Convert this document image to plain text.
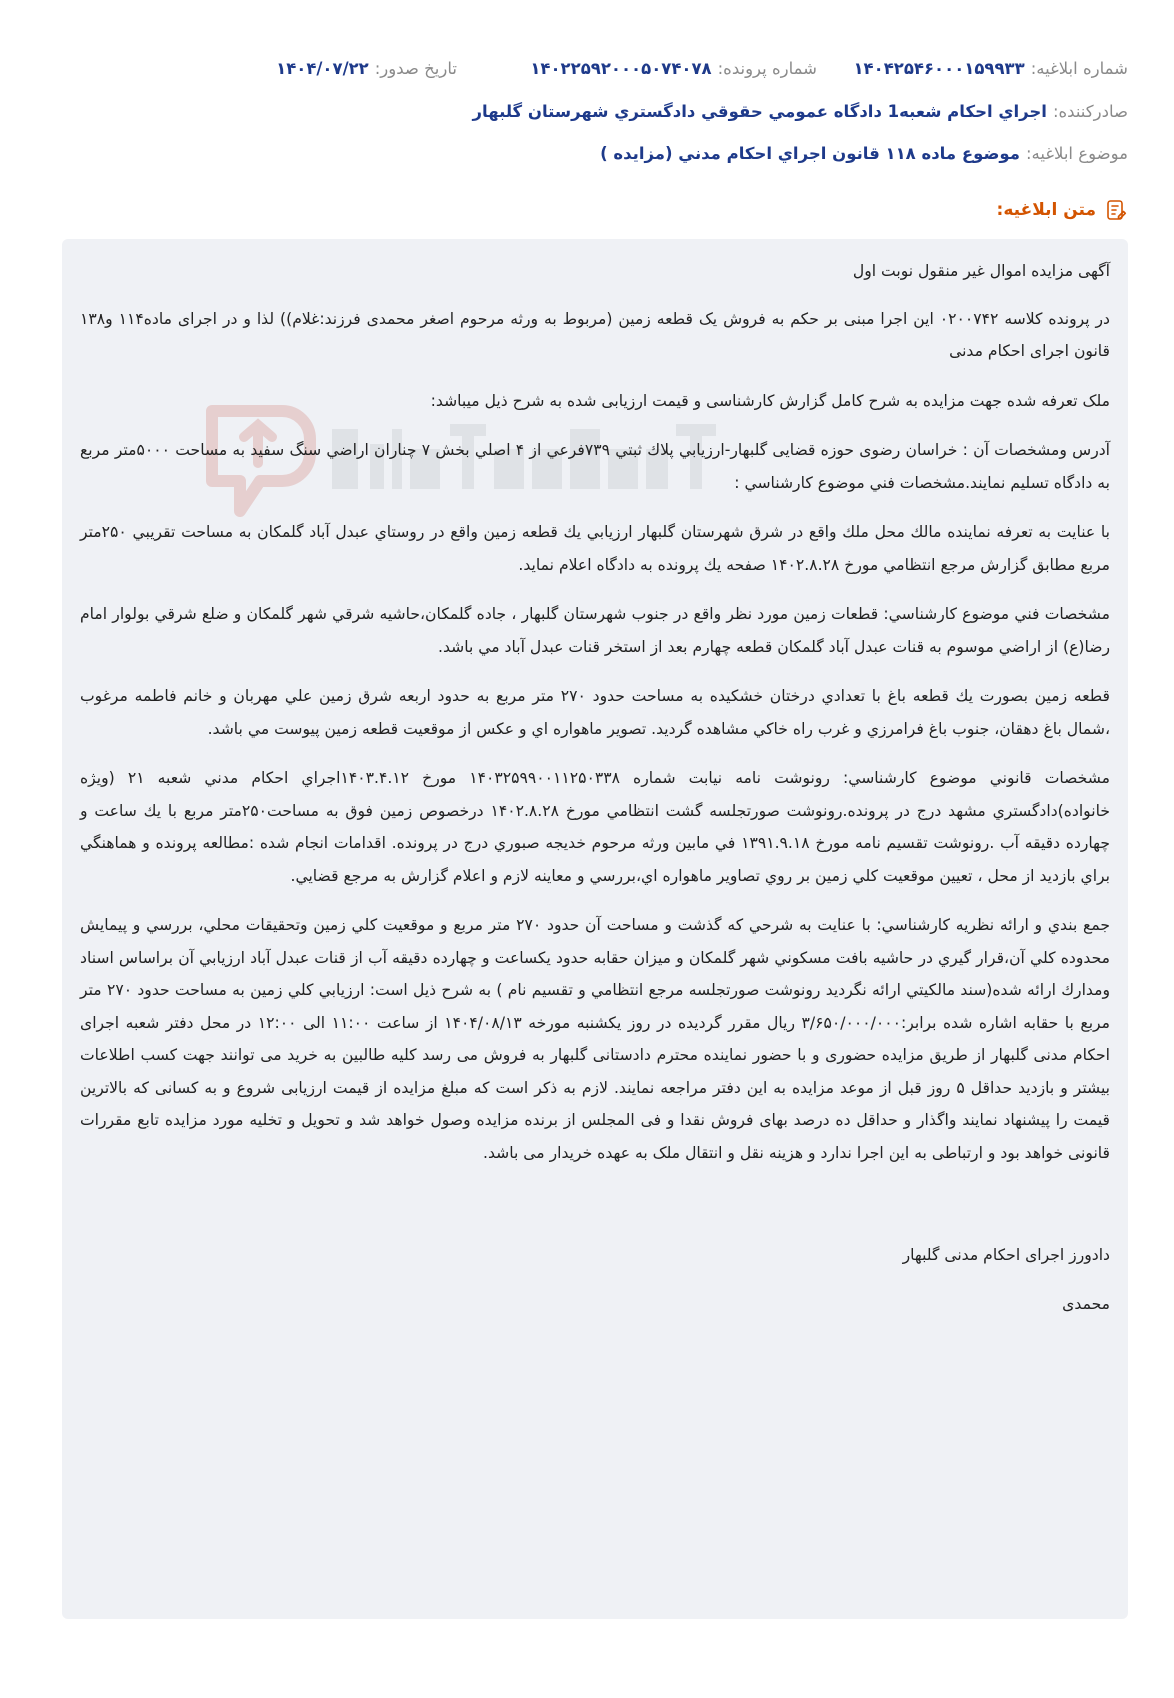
شماره ابلاغيه:
۱۴۰۴۲۵۴۶۰۰۰۱۵۹۹۳۳
شماره پرونده:
۱۴۰۲۲۵۹۲۰۰۰۵۰۷۴۰۷۸
تاريخ صدور:
۱۴۰۴/۰۷/۲۲
صادرکننده:
اجراي احكام شعبه1 دادگاه عمومي حقوقي دادگستري شهرستان گلبهار
موضوع ابلاغيه:
موضوع ماده ۱۱۸ قانون اجراي احكام مدني (مزايده )
متن ابلاغيه:

آگهی مزایده اموال غیر منقول نوبت اول

در پرونده کلاسه ۰۲۰۰۷۴۲ این اجرا مبنی بر حکم به فروش یک قطعه زمین (مربوط به ورثه مرحوم اصغر محمدی فرزند:غلام)) لذا و در اجرای ماده۱۱۴ و۱۳۸ قانون اجرای احکام مدنی

ملک تعرفه شده جهت مزایده به شرح کامل گزارش کارشناسی و قیمت ارزیابی شده به شرح ذیل میباشد:

آدرس ومشخصات آن : خراسان رضوی حوزه قضایی گلبهار-ارزيابي پلاك ثبتي ۷۳۹فرعي از ۴ اصلي بخش ۷ چناران اراضي سنگ سفيد به مساحت ۵۰۰۰متر مربع به دادگاه تسليم نمايند.مشخصات فني موضوع كارشناسي :

با عنايت به تعرفه نماينده مالك محل ملك واقع در شرق شهرستان گلبهار ارزيابي يك قطعه زمين واقع در روستاي عبدل آباد گلمكان به مساحت تقريبي ۲۵۰متر مربع مطابق گزارش مرجع انتظامي مورخ ۱۴۰۲.۸.۲۸ صفحه يك پرونده به دادگاه اعلام نمايد.

مشخصات فني موضوع كارشناسي: قطعات زمين مورد نظر واقع در جنوب شهرستان گلبهار ، جاده گلمكان،حاشيه شرقي شهر گلمكان و ضلع شرقي بولوار امام رضا(ع) از اراضي موسوم به قنات عبدل آباد گلمكان قطعه چهارم بعد از استخر قنات عبدل آباد مي باشد.

قطعه زمين بصورت يك قطعه باغ با تعدادي درختان خشكيده به مساحت حدود ۲۷۰ متر مربع به حدود اربعه شرق زمين علي مهربان و خانم فاطمه مرغوب ،شمال باغ دهقان، جنوب باغ فرامرزي و غرب راه خاكي مشاهده گرديد. تصوير ماهواره اي و عكس از موقعيت قطعه زمين پيوست مي باشد.

مشخصات قانوني موضوع كارشناسي: رونوشت نامه نيابت شماره ۱۴۰۳۲۵۹۹۰۰۱۱۲۵۰۳۳۸ مورخ ۱۴۰۳.۴.۱۲اجراي احكام مدني شعبه ۲۱ (ويژه خانواده)دادگستري مشهد درج در پرونده.رونوشت صورتجلسه گشت انتظامي مورخ ۱۴۰۲.۸.۲۸ درخصوص زمين فوق به مساحت۲۵۰متر مربع با يك ساعت و چهارده دقيقه آب .رونوشت تقسيم نامه مورخ ۱۳۹۱.۹.۱۸ في مابين ورثه مرحوم خديجه صبوري درج در پرونده. اقدامات انجام شده :مطالعه پرونده و هماهنگي براي بازديد از محل ، تعيين موقعيت كلي زمين بر روي تصاوير ماهواره اي،بررسي و معاينه لازم و اعلام گزارش به مرجع قضايي.

جمع بندي و ارائه نظريه كارشناسي: با عنايت به شرحي كه گذشت و مساحت آن حدود ۲۷۰ متر مربع و موقعيت كلي زمين وتحقيقات محلي، بررسي و پيمايش محدوده كلي آن،قرار گيري در حاشيه بافت مسكوني شهر گلمكان و ميزان حقابه حدود يكساعت و چهارده دقيقه آب از قنات عبدل آباد ارزيابي آن براساس اسناد ومدارك ارائه شده(سند مالكيتي ارائه نگرديد رونوشت صورتجلسه مرجع انتظامي و تقسيم نام ) به شرح ذيل است: ارزيابي كلي زمين به مساحت حدود ۲۷۰ متر مربع با حقابه اشاره شده برابر:۳/۶۵۰/۰۰۰/۰۰۰ ريال مقرر گرديده در روز یکشنبه مورخه ۱۴۰۴/۰۸/۱۳ از ساعت ۱۱:۰۰ الی ۱۲:۰۰ در محل دفتر شعبه اجرای احکام مدنی گلبهار از طریق مزایده حضوری و با حضور نماینده محترم دادستانی گلبهار به فروش می رسد کلیه طالبین به خرید می توانند جهت کسب اطلاعات بیشتر و بازدید حداقل ۵ روز قبل از موعد مزایده به این دفتر مراجعه نمایند. لازم به ذکر است که مبلغ مزایده از قیمت ارزیابی شروع و به کسانی که بالاترین قیمت را پیشنهاد نمایند واگذار و حداقل ده درصد بهای فروش نقدا و فی المجلس از برنده مزایده وصول خواهد شد و تحویل و تخلیه مورد مزایده تابع مقررات قانونی خواهد بود و ارتباطی به این اجرا ندارد و هزینه نقل و انتقال ملک به عهده خریدار می باشد.

دادورز اجرای احکام مدنی گلبهار

محمدی
